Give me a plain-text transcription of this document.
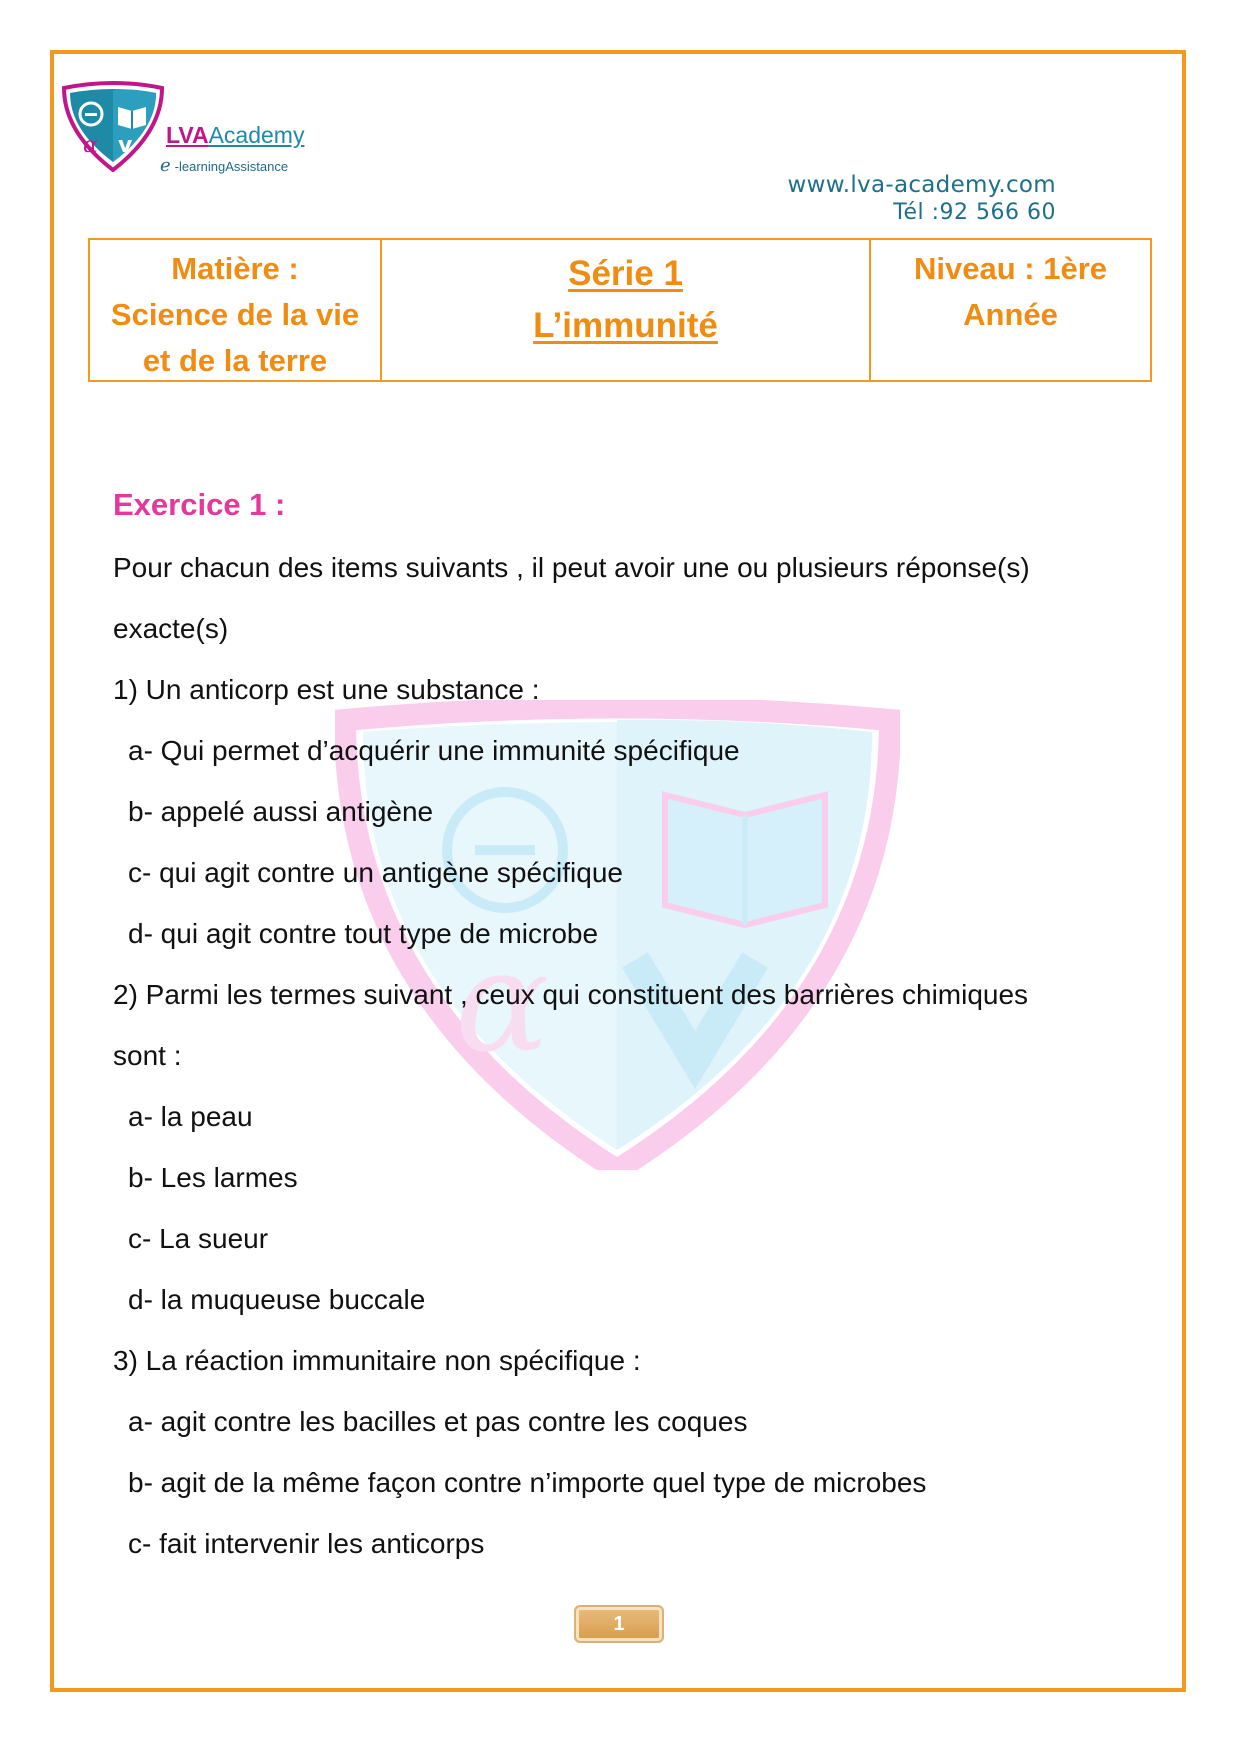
α v LVAAcademy
e -learningAssistance
www.lva-academy.com
Tél :92 566 60
Matière :
Science de la vie
et de la terre
Série 1
L’immunité
Niveau : 1ère
Année
α
Exercice 1 :
Pour chacun des items suivants , il peut avoir une ou plusieurs réponse(s)
exacte(s)
1) Un anticorp est une substance :
a- Qui permet d’acquérir une immunité spécifique
b- appelé aussi antigène
c- qui agit contre un antigène spécifique
d- qui agit contre tout type de microbe
2) Parmi les termes suivant , ceux qui constituent des barrières chimiques
sont :
a- la peau
b- Les larmes
c- La sueur
d- la muqueuse buccale
3) La réaction immunitaire non spécifique :
a- agit contre les bacilles et pas contre les coques
b- agit de la même façon contre n’importe quel type de microbes
c- fait intervenir les anticorps
1
